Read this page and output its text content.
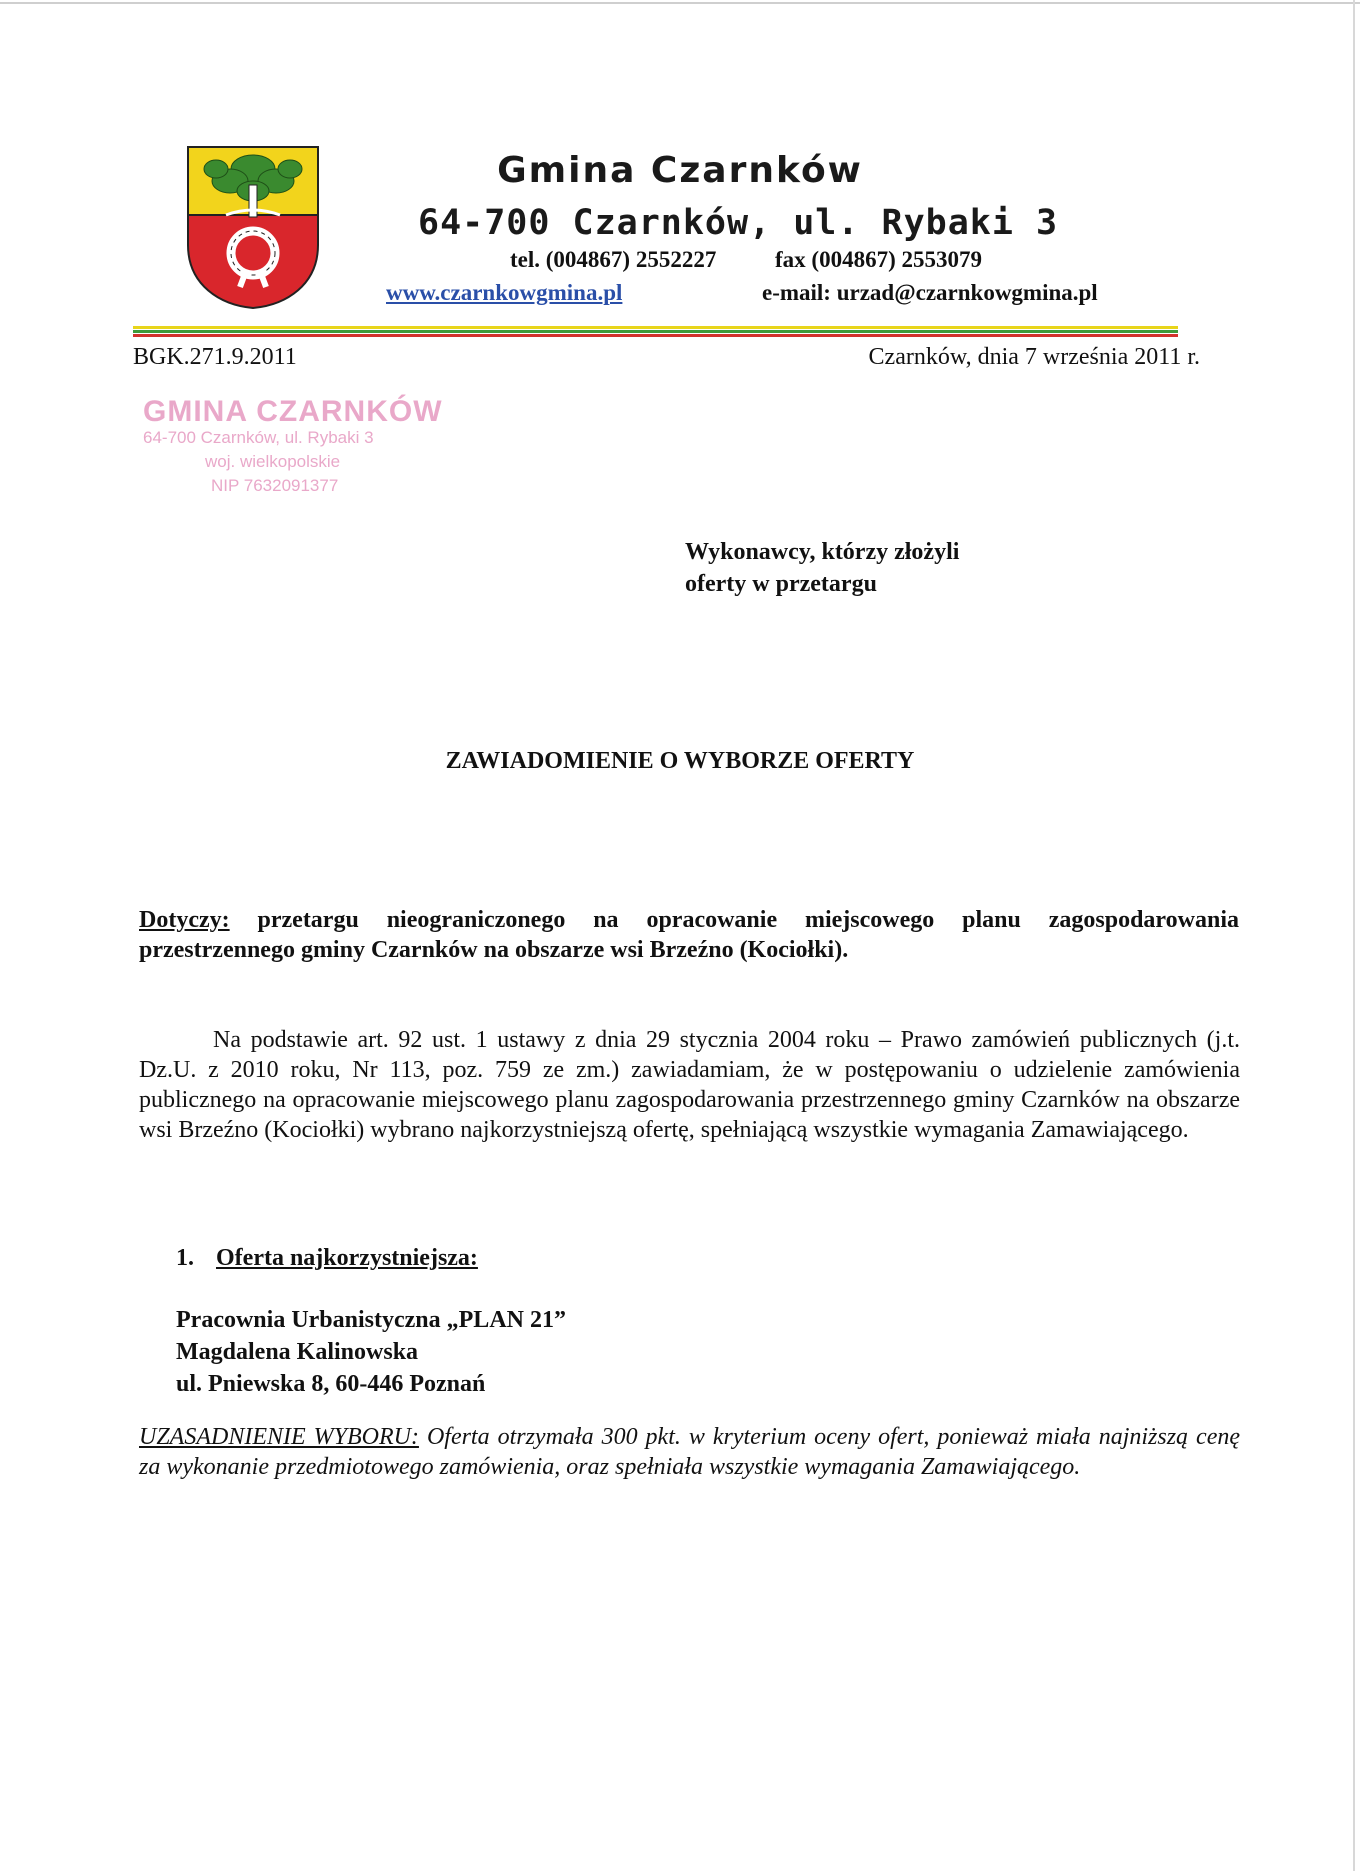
Gmina Czarnków
64-700 Czarnków, ul. Rybaki 3
tel. (004867) 2552227	fax (004867) 2553079
www.czarnkowgmina.pl	e-mail: urzad@czarnkowgmina.pl
BGK.271.9.2011	Czarnków, dnia 7 września 2011 r.
GMINA CZARNKÓW
64-700 Czarnków, ul. Rybaki 3
woj. wielkopolskie
NIP 7632091377
Wykonawcy, którzy złożyli
oferty w przetargu
ZAWIADOMIENIE O WYBORZE OFERTY
Dotyczy: przetargu nieograniczonego na opracowanie miejscowego planu zagospodarowania przestrzennego gminy Czarnków na obszarze wsi Brzeźno (Kociołki).
Na podstawie art. 92 ust. 1 ustawy z dnia 29 stycznia 2004 roku – Prawo zamówień publicznych (j.t. Dz.U. z 2010 roku, Nr 113, poz. 759 ze zm.) zawiadamiam, że w postępowaniu o udzielenie zamówienia publicznego na opracowanie miejscowego planu zagospodarowania przestrzennego gminy Czarnków na obszarze wsi Brzeźno (Kociołki) wybrano najkorzystniejszą ofertę, spełniającą wszystkie wymagania Zamawiającego.
1. Oferta najkorzystniejsza:
Pracownia Urbanistyczna „PLAN 21”
Magdalena Kalinowska
ul. Pniewska 8, 60-446 Poznań
UZASADNIENIE WYBORU: Oferta otrzymała 300 pkt. w kryterium oceny ofert, ponieważ miała najniższą cenę za wykonanie przedmiotowego zamówienia, oraz spełniała wszystkie wymagania Zamawiającego.
